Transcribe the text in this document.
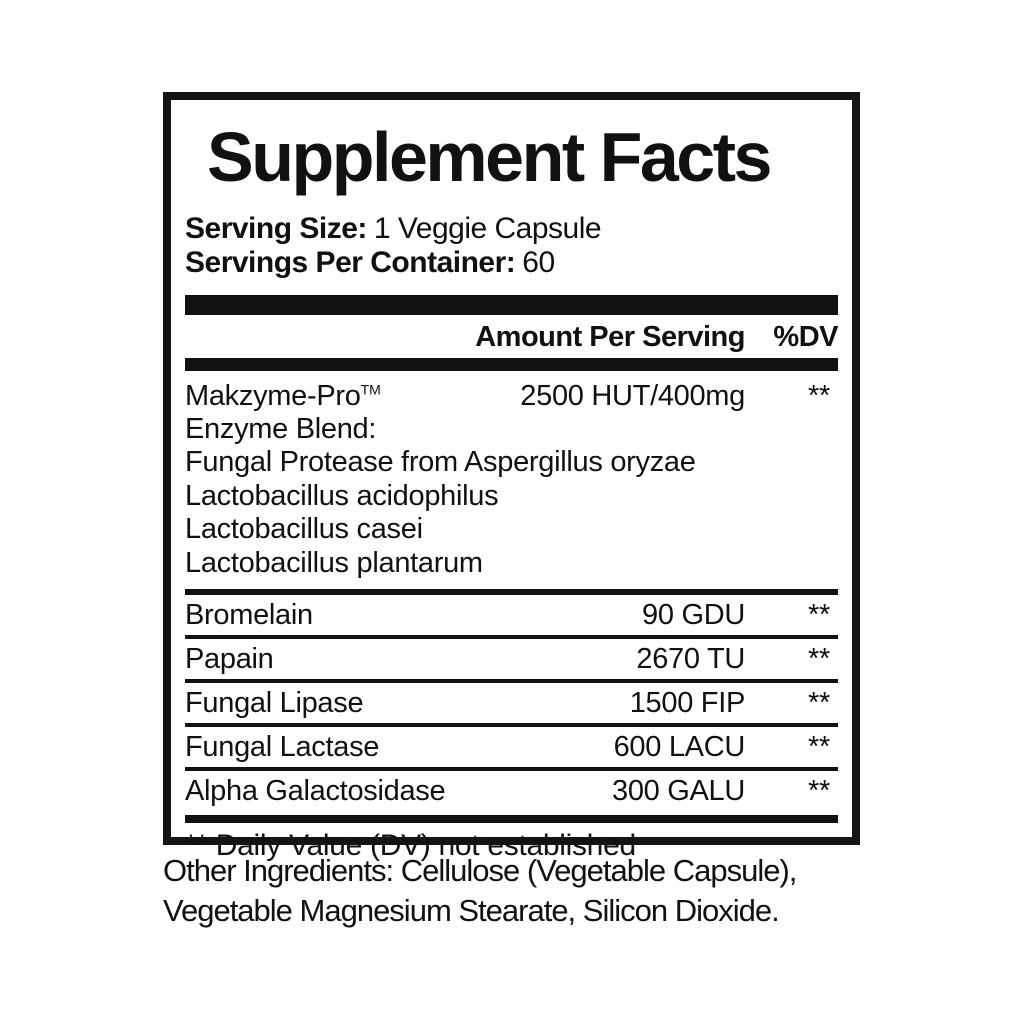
Supplement Facts
Serving Size: 1 Veggie Capsule
Servings Per Container: 60
Amount Per Serving %DV
Makzyme-Pro™	2500 HUT/400mg	**
Enzyme Blend:
Fungal Protease from Aspergillus oryzae
Lactobacillus acidophilus
Lactobacillus casei
Lactobacillus plantarum
Bromelain	90 GDU	**
Papain	2670 TU	**
Fungal Lipase	1500 FIP	**
Fungal Lactase	600 LACU	**
Alpha Galactosidase	300 GALU	**
** Daily Value (DV) not established
Other Ingredients: Cellulose (Vegetable Capsule),
Vegetable Magnesium Stearate, Silicon Dioxide.
